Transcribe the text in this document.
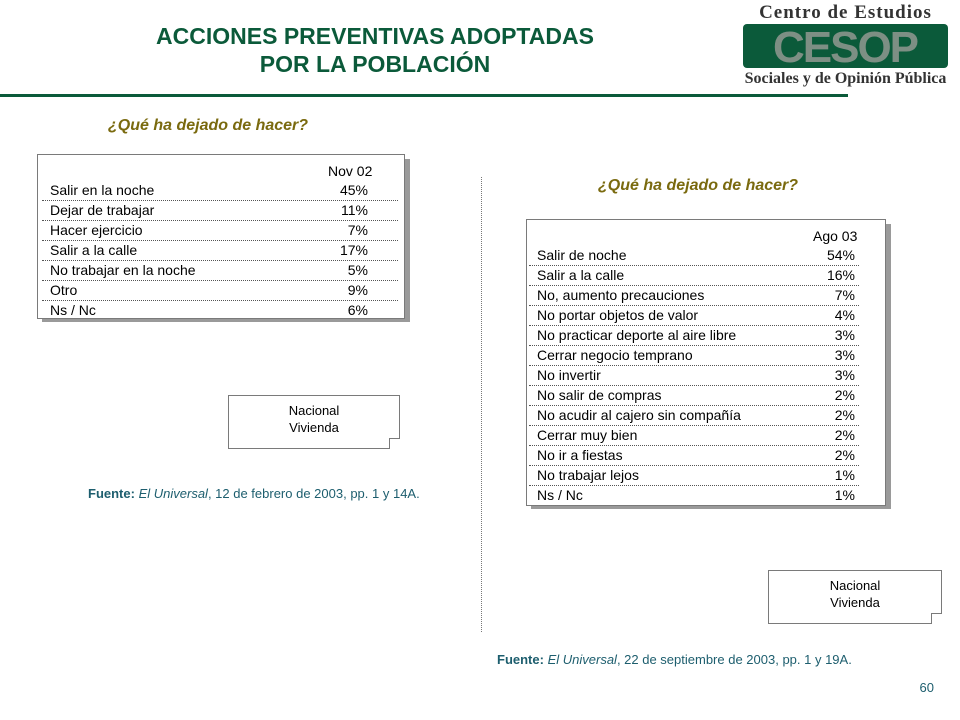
ACCIONES PREVENTIVAS ADOPTADAS
POR LA POBLACIÓN
Centro de Estudios
CESOP
Sociales y de Opinión Pública
¿Qué ha dejado de hacer?
Nov 02
Salir en la noche	45%
Dejar de trabajar	11%
Hacer ejercicio	7%
Salir a la calle	17%
No trabajar en la noche	5%
Otro	9%
Ns / Nc	6%
Nacional
Vivienda
Fuente: El Universal, 12 de febrero de 2003, pp. 1 y 14A.
¿Qué ha dejado de hacer?
Ago 03
Salir de noche	54%
Salir a la calle	16%
No, aumento precauciones	7%
No portar objetos de valor	4%
No practicar deporte al aire libre	3%
Cerrar negocio temprano	3%
No invertir	3%
No salir de compras	2%
No acudir al cajero sin compañía	2%
Cerrar muy bien	2%
No ir a fiestas	2%
No trabajar lejos	1%
Ns / Nc	1%
Nacional
Vivienda
Fuente: El Universal, 22 de septiembre de 2003, pp. 1 y 19A.
60
